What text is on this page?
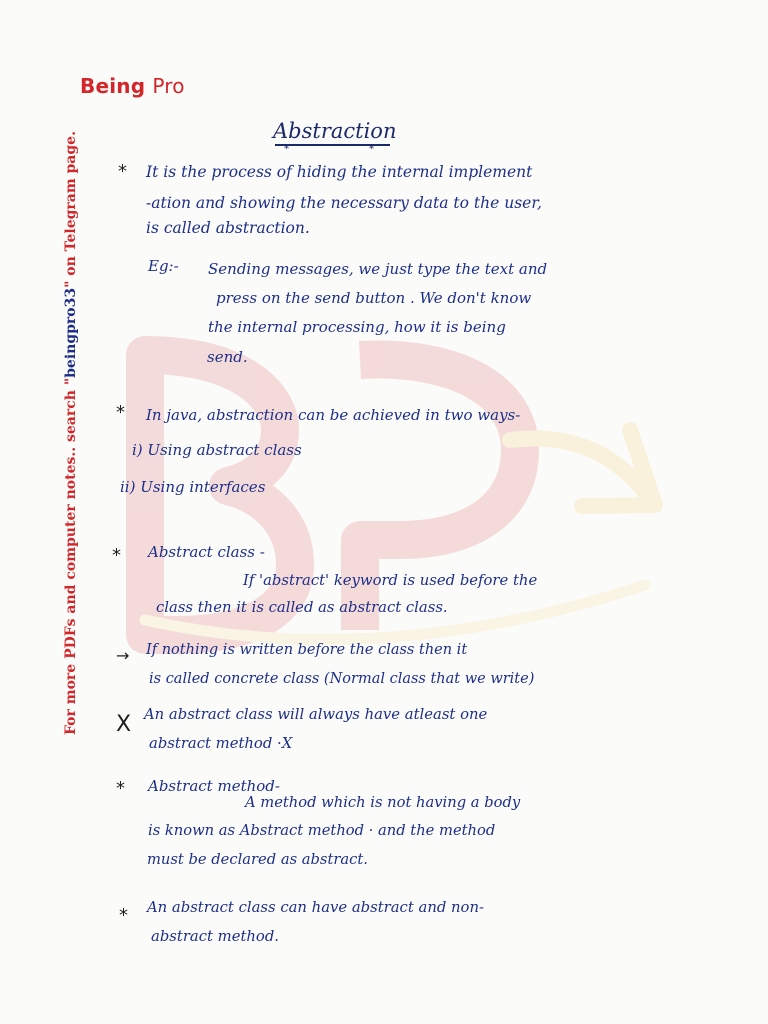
Being Pro
For more PDFs and computer notes.. search "beingpro33" on Telegram page.
Abstraction
**
* It is the process of hiding the internal implement
-ation and showing the necessary data to the user,
is called abstraction.
Eg:- Sending messages, we just type the text and
press on the send button . We don't know
the internal processing, how it is being
send.
* In java, abstraction can be achieved in two ways-
i) Using abstract class
ii) Using interfaces
* Abstract class -
If 'abstract' keyword is used before the
class then it is called as abstract class.
→ If nothing is written before the class then it
is called concrete class (Normal class that we write)
X An abstract class will always have atleast one
abstract method ·X
* Abstract method-
A method which is not having a body
is known as Abstract method · and the method
must be declared as abstract.
* An abstract class can have abstract and non-
abstract method.
